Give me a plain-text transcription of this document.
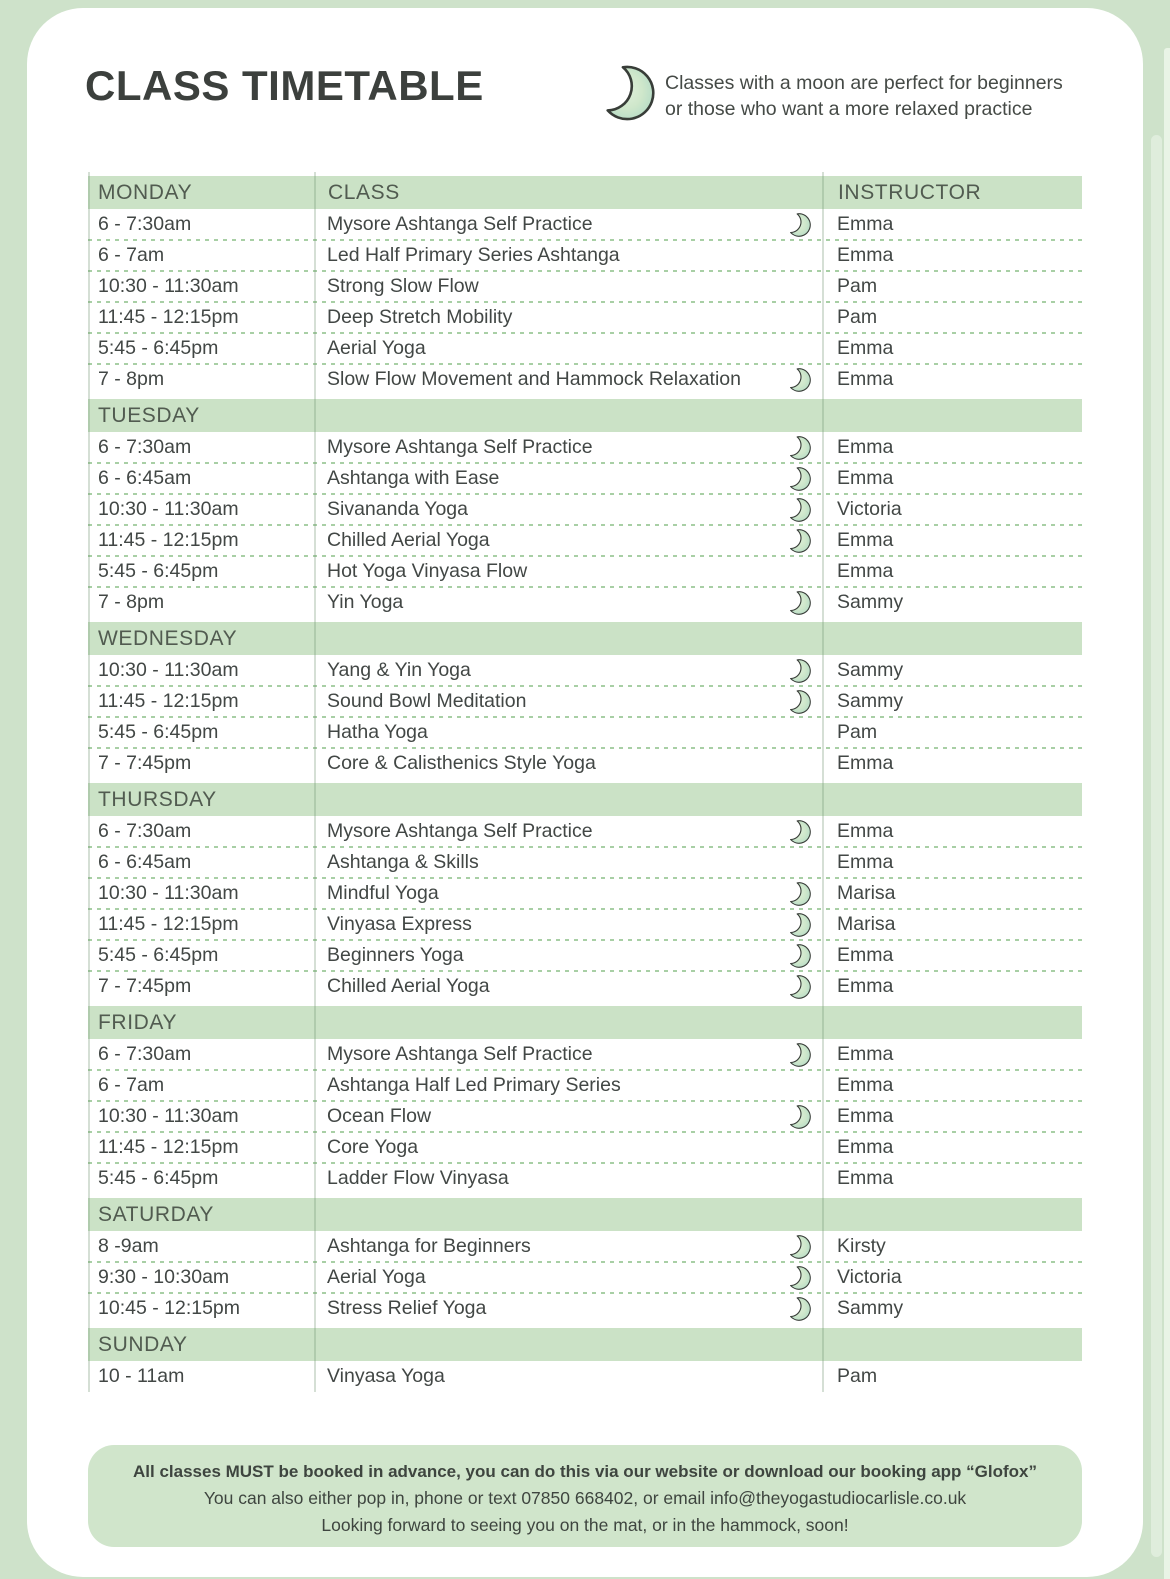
CLASS TIMETABLE	Classes with a moon are perfect for beginners
or those who want a more relaxed practice
MONDAY	CLASS	INSTRUCTOR
6 - 7:30am	Mysore Ashtanga Self Practice	Emma
6 - 7am	Led Half Primary Series Ashtanga	Emma
10:30 - 11:30am	Strong Slow Flow	Pam
11:45 - 12:15pm	Deep Stretch Mobility	Pam
5:45 - 6:45pm	Aerial Yoga	Emma
7 - 8pm	Slow Flow Movement and Hammock Relaxation	Emma
TUESDAY
6 - 7:30am	Mysore Ashtanga Self Practice	Emma
6 - 6:45am	Ashtanga with Ease	Emma
10:30 - 11:30am	Sivananda Yoga	Victoria
11:45 - 12:15pm	Chilled Aerial Yoga	Emma
5:45 - 6:45pm	Hot Yoga Vinyasa Flow	Emma
7 - 8pm	Yin Yoga	Sammy
WEDNESDAY
10:30 - 11:30am	Yang & Yin Yoga	Sammy
11:45 - 12:15pm	Sound Bowl Meditation	Sammy
5:45 - 6:45pm	Hatha Yoga	Pam
7 - 7:45pm	Core & Calisthenics Style Yoga	Emma
THURSDAY
6 - 7:30am	Mysore Ashtanga Self Practice	Emma
6 - 6:45am	Ashtanga & Skills	Emma
10:30 - 11:30am	Mindful Yoga	Marisa
11:45 - 12:15pm	Vinyasa Express	Marisa
5:45 - 6:45pm	Beginners Yoga	Emma
7 - 7:45pm	Chilled Aerial Yoga	Emma
FRIDAY
6 - 7:30am	Mysore Ashtanga Self Practice	Emma
6 - 7am	Ashtanga Half Led Primary Series	Emma
10:30 - 11:30am	Ocean Flow	Emma
11:45 - 12:15pm	Core Yoga	Emma
5:45 - 6:45pm	Ladder Flow Vinyasa	Emma
SATURDAY
8 -9am	Ashtanga for Beginners	Kirsty
9:30 - 10:30am	Aerial Yoga	Victoria
10:45 - 12:15pm	Stress Relief Yoga	Sammy
SUNDAY
10 - 11am	Vinyasa Yoga	Pam
All classes MUST be booked in advance, you can do this via our website or download our booking app “Glofox”
You can also either pop in, phone or text 07850 668402, or email info@theyogastudiocarlisle.co.uk
Looking forward to seeing you on the mat, or in the hammock, soon!
